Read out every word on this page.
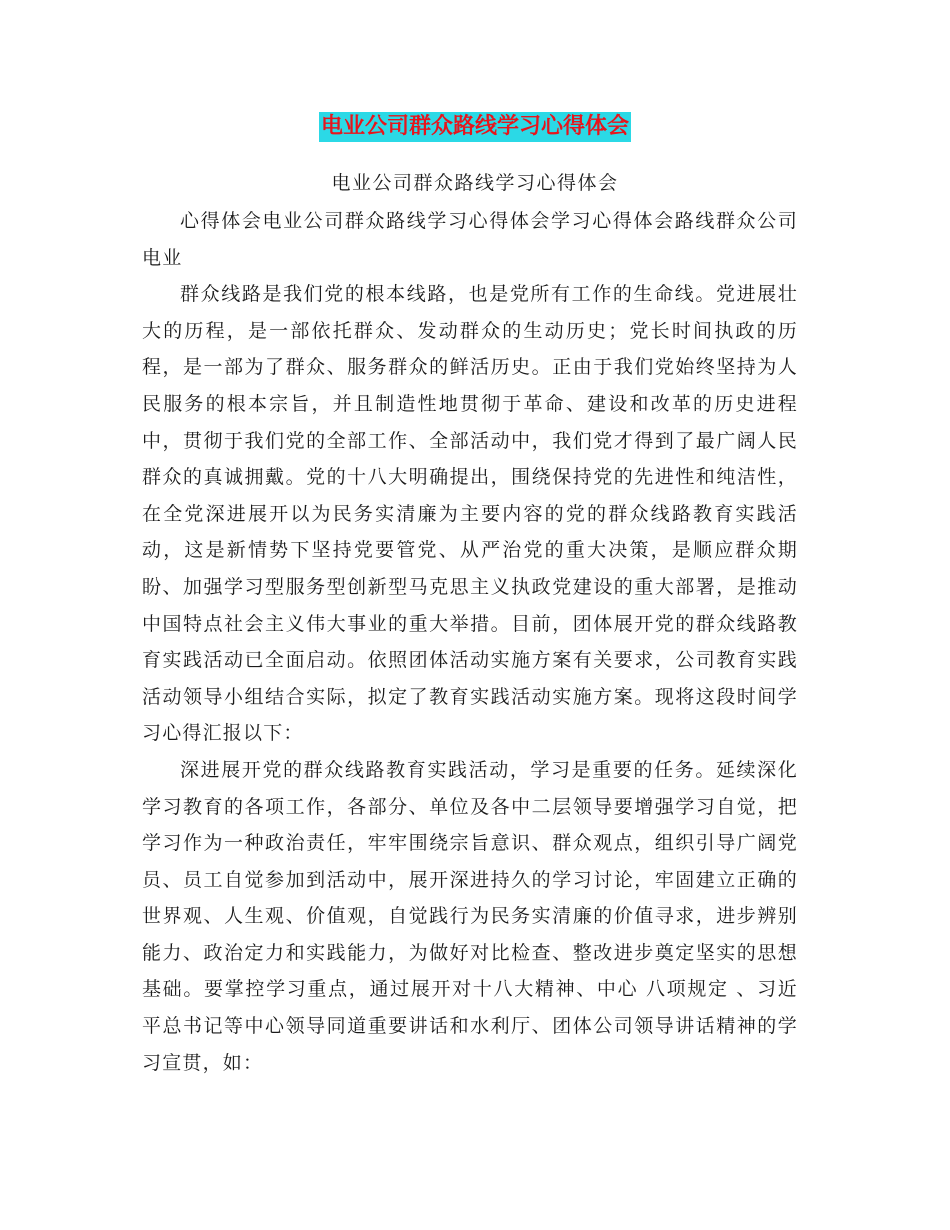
电业公司群众路线学习心得体会
电业公司群众路线学习心得体会

心得体会电业公司群众路线学习心得体会学习心得体会路线群众公司电业

群众线路是我们党的根本线路，也是党所有工作的生命线。党进展壮大的历程，是一部依托群众、发动群众的生动历史；党长时间执政的历程，是一部为了群众、服务群众的鲜活历史。正由于我们党始终坚持为人民服务的根本宗旨，并且制造性地贯彻于革命、建设和改革的历史进程中，贯彻于我们党的全部工作、全部活动中，我们党才得到了最广阔人民群众的真诚拥戴。党的十八大明确提出，围绕保持党的先进性和纯洁性，在全党深进展开以为民务实清廉为主要内容的党的群众线路教育实践活动，这是新情势下坚持党要管党、从严治党的重大决策，是顺应群众期盼、加强学习型服务型创新型马克思主义执政党建设的重大部署，是推动中国特点社会主义伟大事业的重大举措。目前，团体展开党的群众线路教育实践活动已全面启动。依照团体活动实施方案有关要求，公司教育实践活动领导小组结合实际，拟定了教育实践活动实施方案。现将这段时间学习心得汇报以下：

深进展开党的群众线路教育实践活动，学习是重要的任务。延续深化学习教育的各项工作，各部分、单位及各中二层领导要增强学习自觉，把学习作为一种政治责任，牢牢围绕宗旨意识、群众观点，组织引导广阔党员、员工自觉参加到活动中，展开深进持久的学习讨论，牢固建立正确的世界观、人生观、价值观，自觉践行为民务实清廉的价值寻求，进步辨别能力、政治定力和实践能力，为做好对比检查、整改进步奠定坚实的思想基础。要掌控学习重点，通过展开对十八大精神、中心 八项规定 、习近平总书记等中心领导同道重要讲话和水利厅、团体公司领导讲话精神的学习宣贯，如：
